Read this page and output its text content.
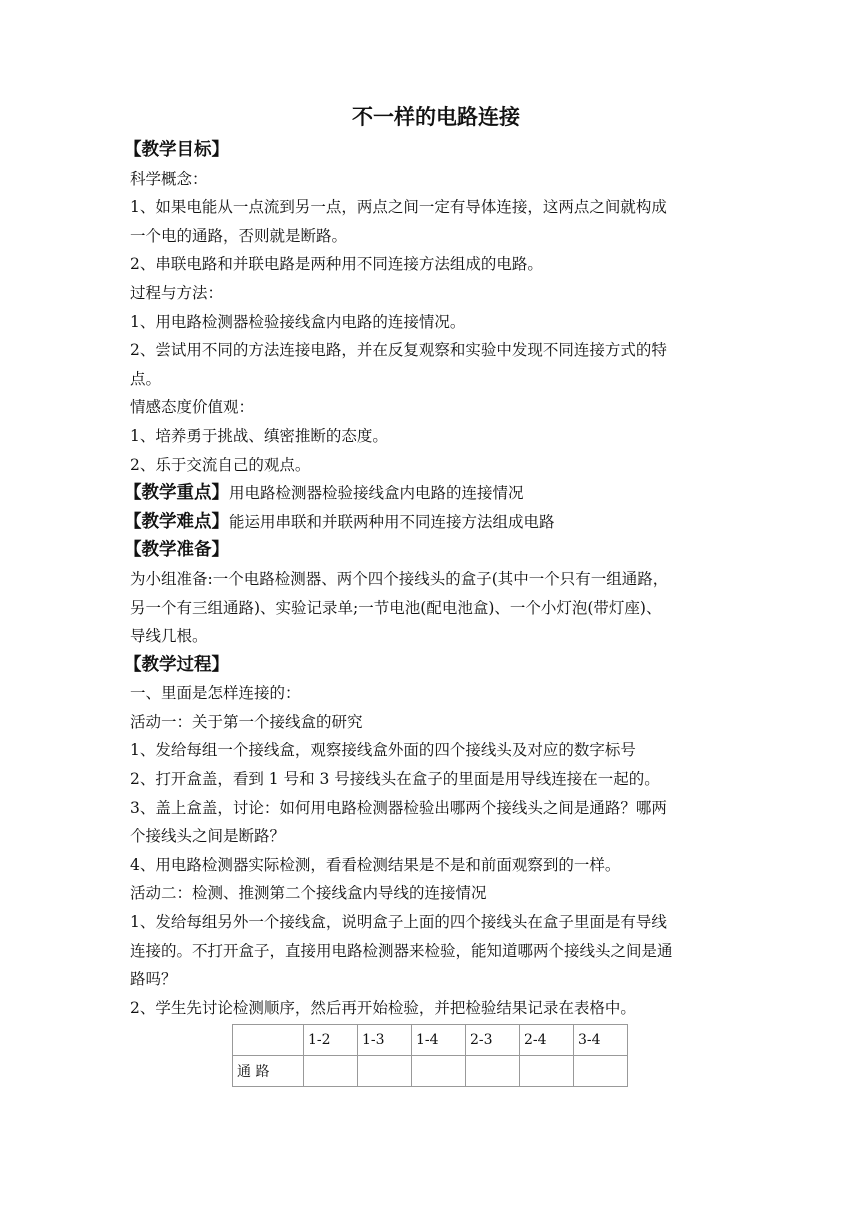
不一样的电路连接
【教学目标】
科学概念：
1、如果电能从一点流到另一点，两点之间一定有导体连接，这两点之间就构成
一个电的通路，否则就是断路。
2、串联电路和并联电路是两种用不同连接方法组成的电路。
过程与方法：
1、用电路检测器检验接线盒内电路的连接情况。
2、尝试用不同的方法连接电路，并在反复观察和实验中发现不同连接方式的特
点。
情感态度价值观：
1、培养勇于挑战、缜密推断的态度。
2、乐于交流自己的观点。
【教学重点】用电路检测器检验接线盒内电路的连接情况
【教学难点】能运用串联和并联两种用不同连接方法组成电路
【教学准备】
为小组准备:一个电路检测器、两个四个接线头的盒子(其中一个只有一组通路，
另一个有三组通路)、实验记录单;一节电池(配电池盒)、一个小灯泡(带灯座)、
导线几根。
【教学过程】
一、里面是怎样连接的：
活动一：关于第一个接线盒的研究
1、发给每组一个接线盒，观察接线盒外面的四个接线头及对应的数字标号
2、打开盒盖，看到 1 号和 3 号接线头在盒子的里面是用导线连接在一起的。
3、盖上盒盖，讨论：如何用电路检测器检验出哪两个接线头之间是通路？哪两
个接线头之间是断路？
4、用电路检测器实际检测，看看检测结果是不是和前面观察到的一样。
活动二：检测、推测第二个接线盒内导线的连接情况
1、发给每组另外一个接线盒，说明盒子上面的四个接线头在盒子里面是有导线
连接的。不打开盒子，直接用电路检测器来检验，能知道哪两个接线头之间是通
路吗？
2、学生先讨论检测顺序，然后再开始检验，并把检验结果记录在表格中。
	1-2	1-3	1-4	2-3	2-4	3-4
通 路						
